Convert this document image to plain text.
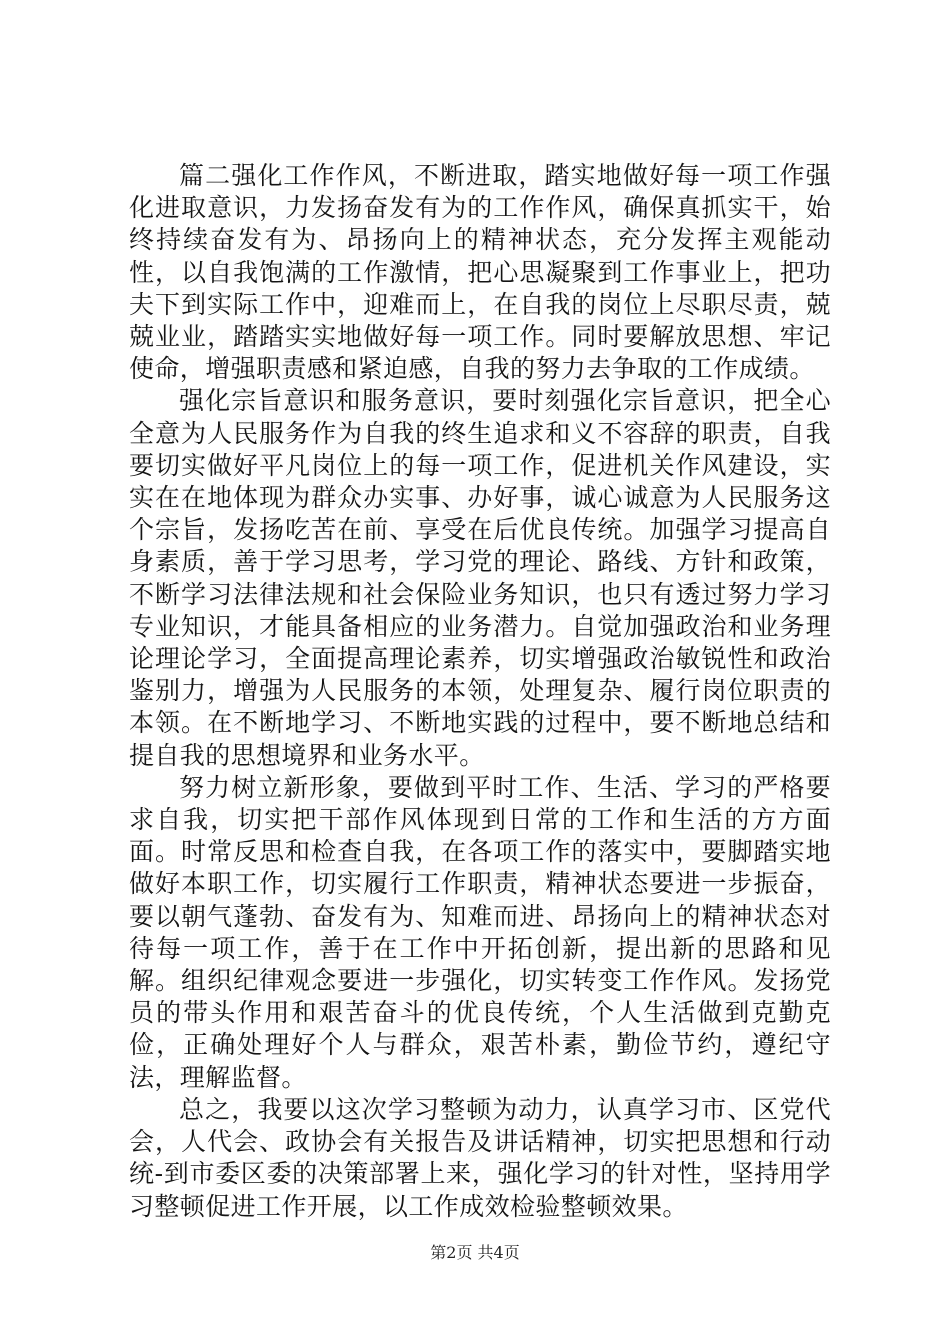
篇二强化工作作风，不断进取，踏实地做好每一项工作强化进取意识，力发扬奋发有为的工作作风，确保真抓实干，始终持续奋发有为、昂扬向上的精神状态，充分发挥主观能动性，以自我饱满的工作激情，把心思凝聚到工作事业上，把功夫下到实际工作中，迎难而上，在自我的岗位上尽职尽责，兢兢业业，踏踏实实地做好每一项工作。同时要解放思想、牢记使命，增强职责感和紧迫感，自我的努力去争取的工作成绩。

强化宗旨意识和服务意识，要时刻强化宗旨意识，把全心全意为人民服务作为自我的终生追求和义不容辞的职责，自我要切实做好平凡岗位上的每一项工作，促进机关作风建设，实实在在地体现为群众办实事、办好事，诚心诚意为人民服务这个宗旨，发扬吃苦在前、享受在后优良传统。加强学习提高自身素质，善于学习思考，学习党的理论、路线、方针和政策，不断学习法律法规和社会保险业务知识，也只有透过努力学习专业知识，才能具备相应的业务潜力。自觉加强政治和业务理论理论学习，全面提高理论素养，切实增强政治敏锐性和政治鉴别力，增强为人民服务的本领，处理复杂、履行岗位职责的本领。在不断地学习、不断地实践的过程中，要不断地总结和提自我的思想境界和业务水平。

努力树立新形象，要做到平时工作、生活、学习的严格要求自我，切实把干部作风体现到日常的工作和生活的方方面面。时常反思和检查自我，在各项工作的落实中，要脚踏实地做好本职工作，切实履行工作职责，精神状态要进一步振奋，要以朝气蓬勃、奋发有为、知难而进、昂扬向上的精神状态对待每一项工作，善于在工作中开拓创新，提出新的思路和见解。组织纪律观念要进一步强化，切实转变工作作风。发扬党员的带头作用和艰苦奋斗的优良传统，个人生活做到克勤克俭，正确处理好个人与群众，艰苦朴素，勤俭节约，遵纪守法，理解监督。

总之，我要以这次学习整顿为动力，认真学习市、区党代会，人代会、政协会有关报告及讲话精神，切实把思想和行动统-到市委区委的决策部署上来，强化学习的针对性，坚持用学习整顿促进工作开展，以工作成效检验整顿效果。

第2页 共4页
